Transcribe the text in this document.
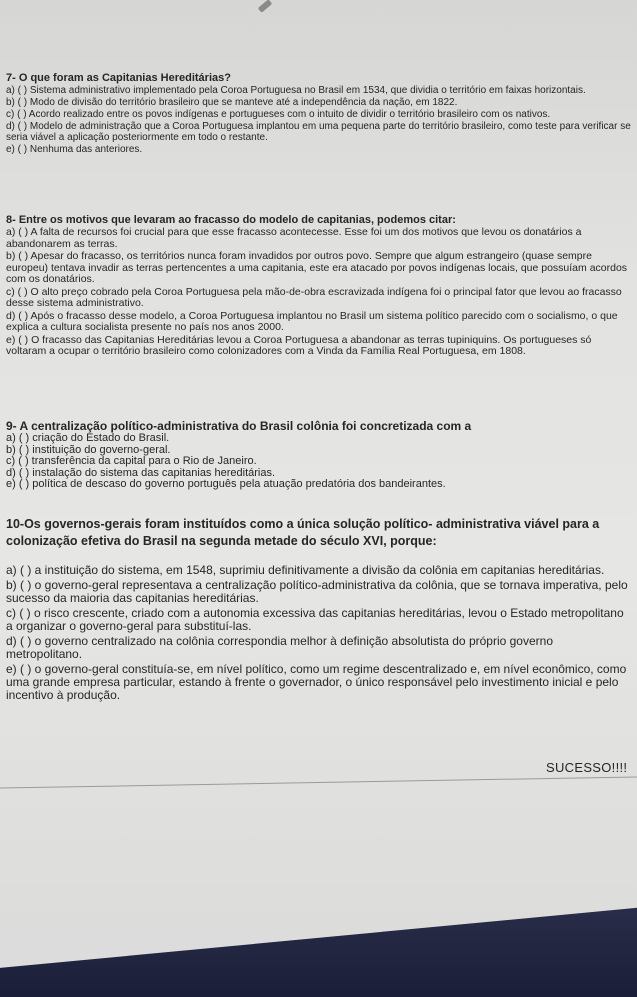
7- O que foram as Capitanias Hereditárias?
a) ( ) Sistema administrativo implementado pela Coroa Portuguesa no Brasil em 1534, que dividia o território em faixas horizontais.
b) ( ) Modo de divisão do território brasileiro que se manteve até a independência da nação, em 1822.
c) ( ) Acordo realizado entre os povos indígenas e portugueses com o intuito de dividir o território brasileiro com os nativos.
d) ( ) Modelo de administração que a Coroa Portuguesa implantou em uma pequena parte do território brasileiro, como teste para verificar se seria viável a aplicação posteriormente em todo o restante.
e) ( ) Nenhuma das anteriores.
8- Entre os motivos que levaram ao fracasso do modelo de capitanias, podemos citar:
a) ( ) A falta de recursos foi crucial para que esse fracasso acontecesse. Esse foi um dos motivos que levou os donatários a abandonarem as terras.
b) ( ) Apesar do fracasso, os territórios nunca foram invadidos por outros povo. Sempre que algum estrangeiro (quase sempre europeu) tentava invadir as terras pertencentes a uma capitania, este era atacado por povos indígenas locais, que possuíam acordos com os donatários.
c) ( ) O alto preço cobrado pela Coroa Portuguesa pela mão-de-obra escravizada indígena foi o principal fator que levou ao fracasso desse sistema administrativo.
d) ( ) Após o fracasso desse modelo, a Coroa Portuguesa implantou no Brasil um sistema político parecido com o socialismo, o que explica a cultura socialista presente no país nos anos 2000.
e) ( ) O fracasso das Capitanias Hereditárias levou a Coroa Portuguesa a abandonar as terras tupiniquins. Os portugueses só voltaram a ocupar o território brasileiro como colonizadores com a Vinda da Família Real Portuguesa, em 1808.
9- A centralização político-administrativa do Brasil colônia foi concretizada com a
a) ( ) criação do Estado do Brasil.
b) ( ) instituição do governo-geral.
c) ( ) transferência da capital para o Rio de Janeiro.
d) ( ) instalação do sistema das capitanias hereditárias.
e) ( ) política de descaso do governo português pela atuação predatória dos bandeirantes.
10-Os governos-gerais foram instituídos como a única solução político- administrativa viável para a colonização efetiva do Brasil na segunda metade do século XVI, porque:
a) ( ) a instituição do sistema, em 1548, suprimiu definitivamente a divisão da colônia em capitanias hereditárias.
b) ( ) o governo-geral representava a centralização político-administrativa da colônia, que se tornava imperativa, pelo sucesso da maioria das capitanias hereditárias.
c) ( ) o risco crescente, criado com a autonomia excessiva das capitanias hereditárias, levou o Estado metropolitano a organizar o governo-geral para substituí-las.
d) ( ) o governo centralizado na colônia correspondia melhor à definição absolutista do próprio governo metropolitano.
e) ( ) o governo-geral constituía-se, em nível político, como um regime descentralizado e, em nível econômico, como uma grande empresa particular, estando à frente o governador, o único responsável pelo investimento inicial e pelo incentivo à produção.
SUCESSO!!!!
